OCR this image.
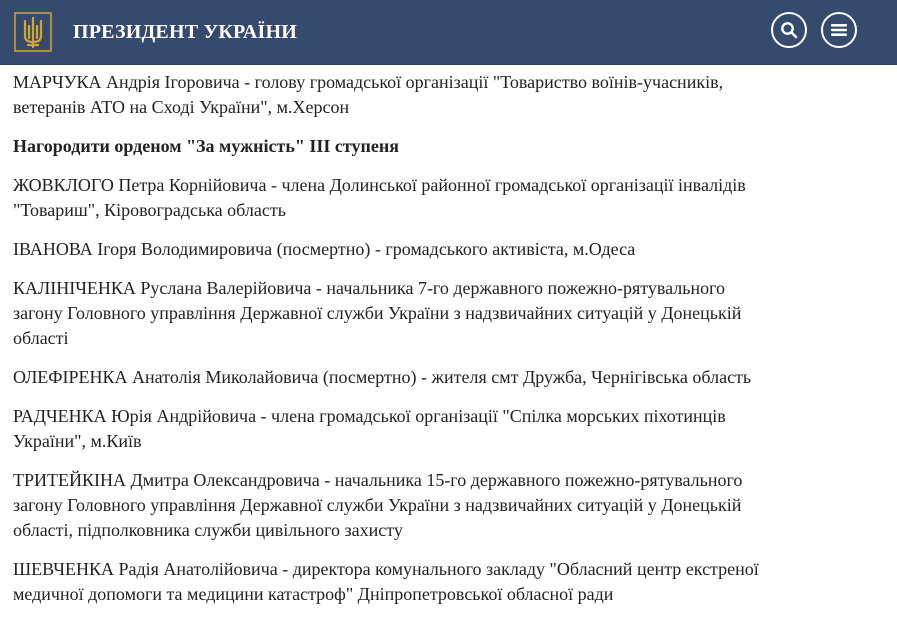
ПРЕЗИДЕНТ УКРАЇНИ

МАРЧУКА Андрія Ігоровича - голову громадської організації "Товариство воїнів-учасників, ветеранів АТО на Сході України", м.Херсон

Нагородити орденом "За мужність" III ступеня

ЖОВКЛОГО Петра Корнійовича - члена Долинської районної громадської організації інвалідів "Товариш", Кіровоградська область

ІВАНОВА Ігоря Володимировича (посмертно) - громадського активіста, м.Одеса

КАЛІНІЧЕНКА Руслана Валерійовича - начальника 7-го державного пожежно-рятувального загону Головного управління Державної служби України з надзвичайних ситуацій у Донецькій області

ОЛЕФІРЕНКА Анатолія Миколайовича (посмертно) - жителя смт Дружба, Чернігівська область

РАДЧЕНКА Юрія Андрійовича - члена громадської організації "Спілка морських піхотинців України", м.Київ

ТРИТЕЙКІНА Дмитра Олександровича - начальника 15-го державного пожежно-рятувального загону Головного управління Державної служби України з надзвичайних ситуацій у Донецькій області, підполковника служби цивільного захисту

ШЕВЧЕНКА Радія Анатолійовича - директора комунального закладу "Обласний центр екстреної медичної допомоги та медицини катастроф" Дніпропетровської обласної ради
